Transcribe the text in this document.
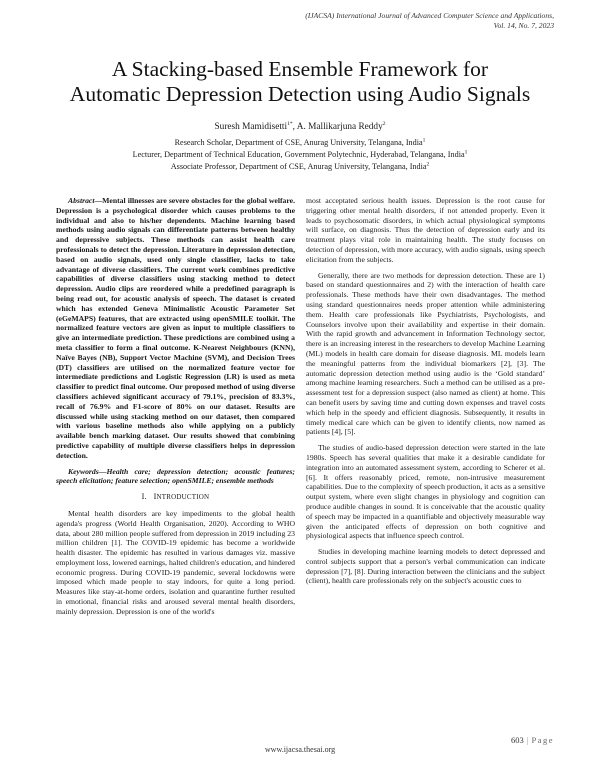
(IJACSA) International Journal of Advanced Computer Science and Applications,
Vol. 14, No. 7, 2023
A Stacking-based Ensemble Framework for
Automatic Depression Detection using Audio Signals
Suresh Mamidisetti$^{1*}$, A. Mallikarjuna Reddy$^2$
Research Scholar, Department of CSE, Anurag University, Telangana, India$^1$
Lecturer, Department of Technical Education, Government Polytechnic, Hyderabad, Telangana, India$^1$
Associate Professor, Department of CSE, Anurag University, Telangana, India$^2$

Abstract—Mental illnesses are severe obstacles for the global welfare. Depression is a psychological disorder which causes problems to the individual and also to his/her dependents. Machine learning based methods using audio signals can differentiate patterns between healthy and depressive subjects. These methods can assist health care professionals to detect the depression. Literature in depression detection, based on audio signals, used only single classifier, lacks to take advantage of diverse classifiers. The current work combines predictive capabilities of diverse classifiers using stacking method to detect depression. Audio clips are reordered while a predefined paragraph is being read out, for acoustic analysis of speech. The dataset is created which has extended Geneva Minimalistic Acoustic Parameter Set (eGeMAPS) features, that are extracted using openSMILE toolkit. The normalized feature vectors are given as input to multiple classifiers to give an intermediate prediction. These predictions are combined using a meta classifier to form a final outcome. K-Nearest Neighbours (KNN), Naïve Bayes (NB), Support Vector Machine (SVM), and Decision Trees (DT) classifiers are utilised on the normalized feature vector for intermediate predictions and Logistic Regression (LR) is used as meta classifier to predict final outcome. Our proposed method of using diverse classifiers achieved significant accuracy of 79.1%, precision of 83.3%, recall of 76.9% and F1-score of 80% on our dataset. Results are discussed while using stacking method on our dataset, then compared with various baseline methods also while applying on a publicly available bench marking dataset. Our results showed that combining predictive capability of multiple diverse classifiers helps in depression detection.

Keywords—Health care; depression detection; acoustic features; speech elicitation; feature selection; openSMILE; ensemble methods

I. INTRODUCTION

Mental health disorders are key impediments to the global health agenda's progress (World Health Organisation, 2020). According to WHO data, about 280 million people suffered from depression in 2019 including 23 million children [1]. The COVID-19 epidemic has become a worldwide health disaster. The epidemic has resulted in various damages viz. massive employment loss, lowered earnings, halted children's education, and hindered economic progress. During COVID-19 pandemic, several lockdowns were imposed which made people to stay indoors, for quite a long period. Measures like stay-at-home orders, isolation and quarantine further resulted in emotional, financial risks and aroused several mental health disorders, mainly depression. Depression is one of the world's

most acceptated serious health issues. Depression is the root cause for triggering other mental health disorders, if not attended properly. Even it leads to psychosomatic disorders, in which actual physiological symptoms will surface, on diagnosis. Thus the detection of depression early and its treatment plays vital role in maintaining health. The study focuses on detection of depression, with more accuracy, with audio signals, using speech elicitation from the subjects.

Generally, there are two methods for depression detection. These are 1) based on standard questionnaires and 2) with the interaction of health care professionals. These methods have their own disadvantages. The method using standard questionnaires needs proper attention while administering them. Health care professionals like Psychiatrists, Psychologists, and Counselors involve upon their availability and expertise in their domain. With the rapid growth and advancement in Information Technology sector, there is an increasing interest in the researchers to develop Machine Learning (ML) models in health care domain for disease diagnosis. ML models learn the meaningful patterns from the individual biomarkers [2], [3]. The automatic depression detection method using audio is the ‘Gold standard’ among machine learning researchers. Such a method can be utilised as a pre-assessment test for a depression suspect (also named as client) at home. This can benefit users by saving time and cutting down expenses and travel costs which help in the speedy and efficient diagnosis. Subsequently, it results in timely medical care which can be given to identify clients, now named as patients [4], [5].

The studies of audio-based depression detection were started in the late 1980s. Speech has several qualities that make it a desirable candidate for integration into an automated assessment system, according to Scherer et al. [6]. It offers reasonably priced, remote, non-intrusive measurement capabilities. Due to the complexity of speech production, it acts as a sensitive output system, where even slight changes in physiology and cognition can produce audible changes in sound. It is conceivable that the acoustic quality of speech may be impacted in a quantifiable and objectively measurable way given the anticipated effects of depression on both cognitive and physiological aspects that influence speech control.

Studies in developing machine learning models to detect depressed and control subjects support that a person's verbal communication can indicate depression [7], [8]. During interaction between the clinicians and the subject (client), health care professionals rely on the subject's acoustic cues to

603 | Page
www.ijacsa.thesai.org
